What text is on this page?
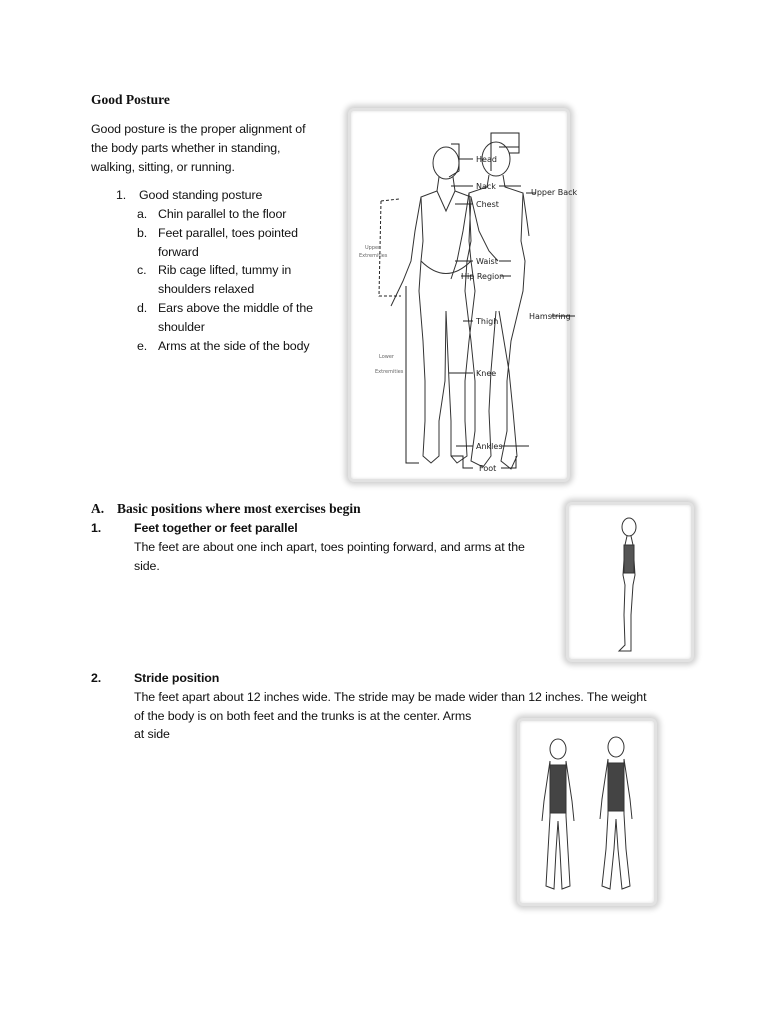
Good Posture
Good posture is the proper alignment of
the body parts whether in standing,
walking, sitting, or running.
1. Good standing posture
a. Chin parallel to the floor
b. Feet parallel, toes pointed
forward
c. Rib cage lifted, tummy in
shoulders relaxed
d. Ears above the middle of the
shoulder
e. Arms at the side of the body
Head
Nack
Chest
Upper Back
Waist
Hip Region
Thigh
Hamstring
Knee
Ankles
Foot
Upper
Extremities
Lower
Extremities
A. Basic positions where most exercises begin
1.	Feet together or feet parallel
The feet are about one inch apart, toes pointing forward, and arms at the
side.
2.	Stride position
The feet apart about 12 inches wide. The stride may be made wider than 12 inches. The weight
of the body is on both feet and the trunks is at the center. Arms
at side
